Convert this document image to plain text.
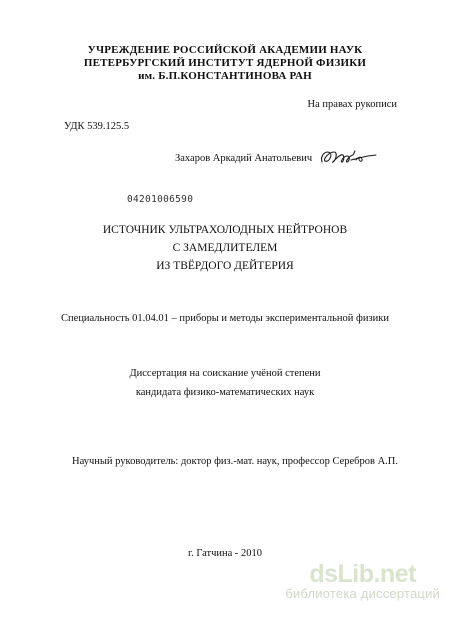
УЧРЕЖДЕНИЕ РОССИЙСКОЙ АКАДЕМИИ НАУК
ПЕТЕРБУРГСКИЙ ИНСТИТУТ ЯДЕРНОЙ ФИЗИКИ
им. Б.П.КОНСТАНТИНОВА РАН
На правах рукописи
УДК 539.125.5
Захаров Аркадий Анатольевич
04201006590
ИСТОЧНИК УЛЬТРАХОЛОДНЫХ НЕЙТРОНОВ
С ЗАМЕДЛИТЕЛЕМ
ИЗ ТВЁРДОГО ДЕЙТЕРИЯ
Специальность 01.04.01 – приборы и методы экспериментальной физики
Диссертация на соискание учёной степени
кандидата физико-математических наук
Научный руководитель: доктор физ.-мат. наук, профессор Серебров А.П.
г. Гатчина - 2010
dsLib.net
библиотека диссертаций
